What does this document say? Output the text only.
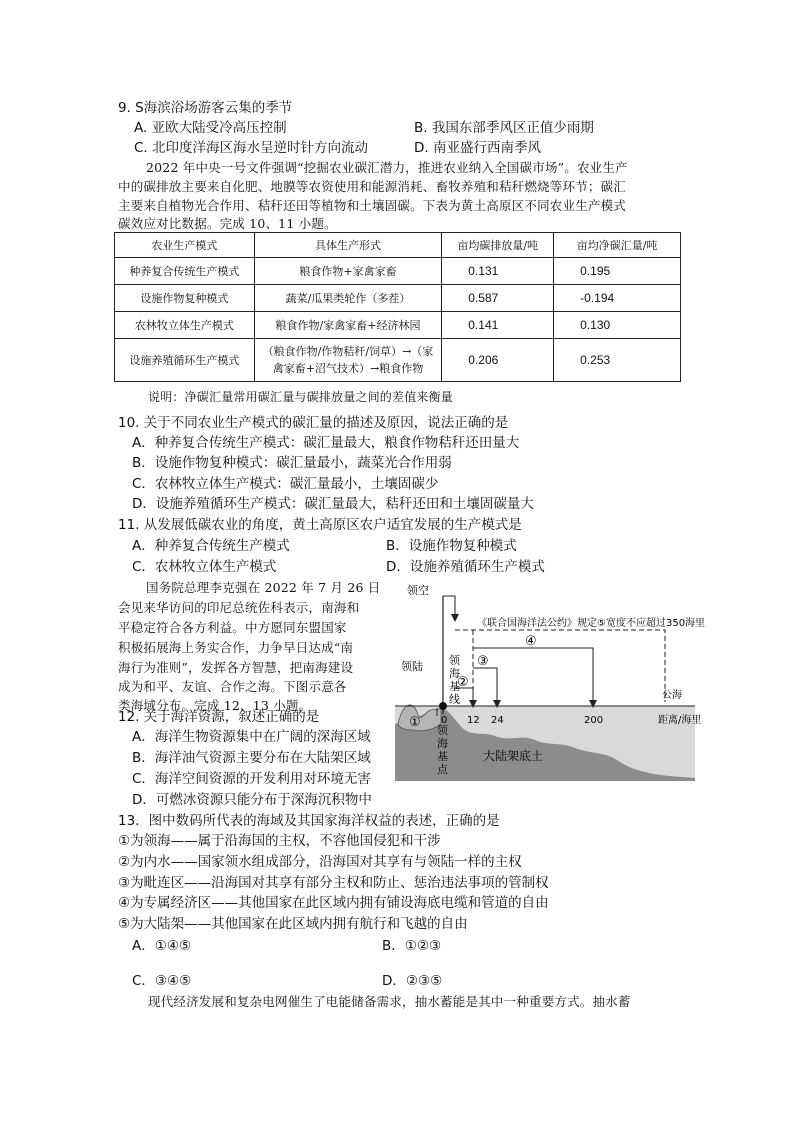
9. S海滨浴场游客云集的季节
A. 亚欧大陆受冷高压控制	B. 我国东部季风区正值少雨期
C. 北印度洋海区海水呈逆时针方向流动	D. 南亚盛行西南季风
2022 年中央一号文件强调“挖掘农业碳汇潜力，推进农业纳入全国碳市场”。农业生产
中的碳排放主要来自化肥、地膜等农资使用和能源消耗、畜牧养殖和秸秆燃烧等环节；碳汇
主要来自植物光合作用、秸秆还田等植物和土壤固碳。下表为黄土高原区不同农业生产模式
碳效应对比数据。完成 10、11 小题。
农业生产模式	具体生产形式	亩均碳排放量/吨	亩均净碳汇量/吨
种养复合传统生产模式	粮食作物+家禽家畜	0.131	0.195
设施作物复种模式	蔬菜/瓜果类轮作（多茬）	0.587	-0.194
农林牧立体生产模式	粮食作物/家禽家畜+经济林园	0.141	0.130
设施养殖循环生产模式	（粮食作物/作物秸秆/饲草）→（家
禽家畜+沼气技术）→粮食作物	0.206	0.253
说明：净碳汇量常用碳汇量与碳排放量之间的差值来衡量
10. 关于不同农业生产模式的碳汇量的描述及原因，说法正确的是
A．种养复合传统生产模式：碳汇量最大，粮食作物秸秆还田量大
B．设施作物复种模式：碳汇量最小，蔬菜光合作用弱
C．农林牧立体生产模式：碳汇量最小，土壤固碳少
D．设施养殖循环生产模式：碳汇量最大，秸秆还田和土壤固碳量大
11. 从发展低碳农业的角度，黄土高原区农户适宜发展的生产模式是
A．种养复合传统生产模式	B．设施作物复种模式
C．农林牧立体生产模式	D．设施养殖循环生产模式
国务院总理李克强在 2022 年 7 月 26 日
会见来华访问的印尼总统佐科表示，南海和
平稳定符合各方利益。中方愿同东盟国家
积极拓展海上务实合作，力争早日达成“南
海行为准则”，发挥各方智慧，把南海建设
成为和平、友谊、合作之海。下图示意各
类海域分布。完成 12、13 小题。
12. 关于海洋资源，叙述正确的是
A．海洋生物资源集中在广阔的深海区域
B．海洋油气资源主要分布在大陆架区域
C．海洋空间资源的开发利用对环境无害
D．可燃冰资源只能分布于深海沉积物中
领空
《联合国海洋法公约》规定⑤宽度不应超过350海里
领陆 领
海
基
线
领
海
基
点
①
②
③
④
0 12 24	200
公海
距离/海里
大陆架底土
13．图中数码所代表的海域及其国家海洋权益的表述，正确的是
①为领海——属于沿海国的主权，不容他国侵犯和干涉
②为内水——国家领水组成部分，沿海国对其享有与领陆一样的主权
③为毗连区——沿海国对其享有部分主权和防止、惩治违法事项的管制权
④为专属经济区——其他国家在此区域内拥有铺设海底电缆和管道的自由
⑤为大陆架——其他国家在此区域内拥有航行和飞越的自由
A．①④⑤	B．①②③
C．③④⑤	D．②③⑤
现代经济发展和复杂电网催生了电能储备需求，抽水蓄能是其中一种重要方式。抽水蓄
